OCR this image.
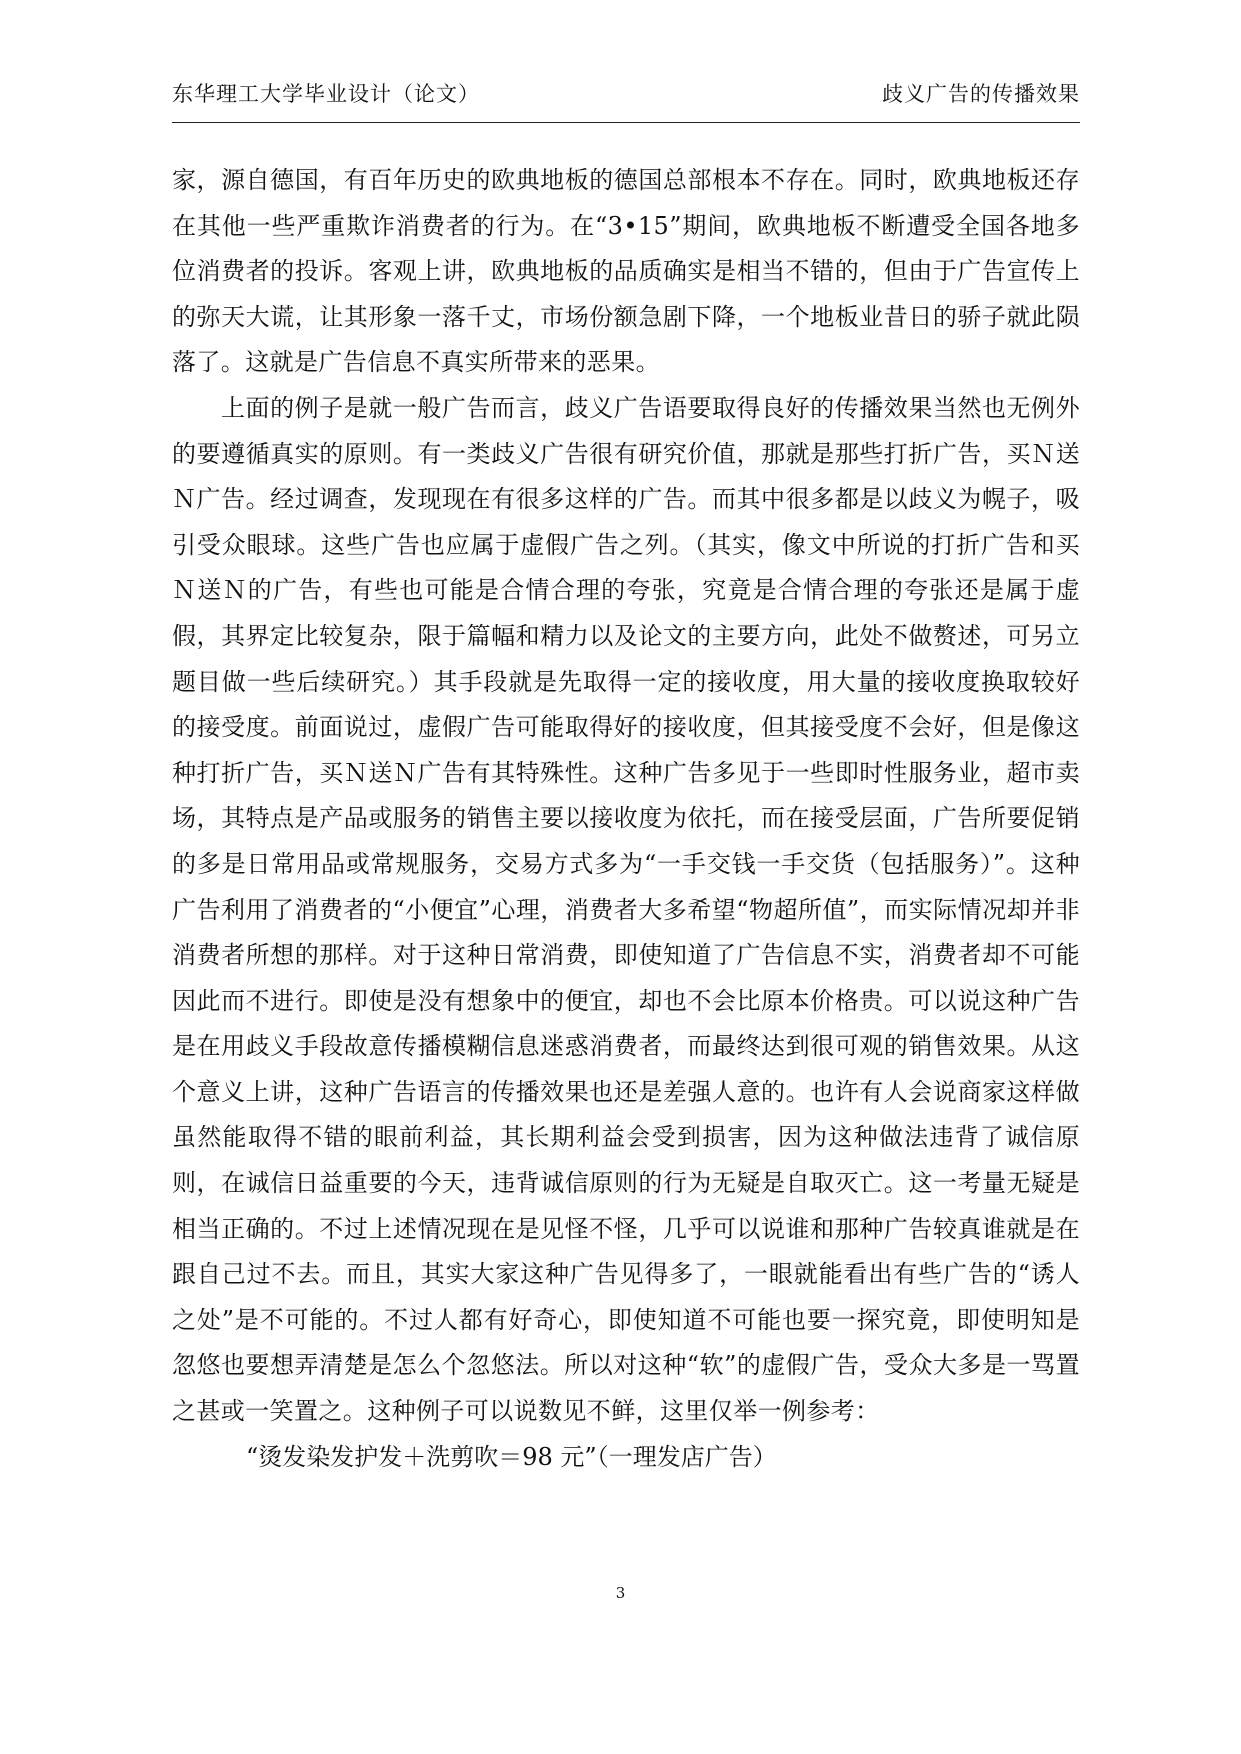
东华理工大学毕业设计（论文）	歧义广告的传播效果

家，源自德国，有百年历史的欧典地板的德国总部根本不存在。同时，欧典地板还存在其他一些严重欺诈消费者的行为。在“3•15”期间，欧典地板不断遭受全国各地多位消费者的投诉。客观上讲，欧典地板的品质确实是相当不错的，但由于广告宣传上的弥天大谎，让其形象一落千丈，市场份额急剧下降，一个地板业昔日的骄子就此陨落了。这就是广告信息不真实所带来的恶果。

上面的例子是就一般广告而言，歧义广告语要取得良好的传播效果当然也无例外的要遵循真实的原则。有一类歧义广告很有研究价值，那就是那些打折广告，买Ｎ送Ｎ广告。经过调查，发现现在有很多这样的广告。而其中很多都是以歧义为幌子，吸引受众眼球。这些广告也应属于虚假广告之列。（其实，像文中所说的打折广告和买Ｎ送Ｎ的广告，有些也可能是合情合理的夸张，究竟是合情合理的夸张还是属于虚假，其界定比较复杂，限于篇幅和精力以及论文的主要方向，此处不做赘述，可另立题目做一些后续研究。）其手段就是先取得一定的接收度，用大量的接收度换取较好的接受度。前面说过，虚假广告可能取得好的接收度，但其接受度不会好，但是像这种打折广告，买Ｎ送Ｎ广告有其特殊性。这种广告多见于一些即时性服务业，超市卖场，其特点是产品或服务的销售主要以接收度为依托，而在接受层面，广告所要促销的多是日常用品或常规服务，交易方式多为“一手交钱一手交货（包括服务）”。这种广告利用了消费者的“小便宜”心理，消费者大多希望“物超所值”，而实际情况却并非消费者所想的那样。对于这种日常消费，即使知道了广告信息不实，消费者却不可能因此而不进行。即使是没有想象中的便宜，却也不会比原本价格贵。可以说这种广告是在用歧义手段故意传播模糊信息迷惑消费者，而最终达到很可观的销售效果。从这个意义上讲，这种广告语言的传播效果也还是差强人意的。也许有人会说商家这样做虽然能取得不错的眼前利益，其长期利益会受到损害，因为这种做法违背了诚信原则，在诚信日益重要的今天，违背诚信原则的行为无疑是自取灭亡。这一考量无疑是相当正确的。不过上述情况现在是见怪不怪，几乎可以说谁和那种广告较真谁就是在跟自己过不去。而且，其实大家这种广告见得多了，一眼就能看出有些广告的“诱人之处”是不可能的。不过人都有好奇心，即使知道不可能也要一探究竟，即使明知是忽悠也要想弄清楚是怎么个忽悠法。所以对这种“软”的虚假广告，受众大多是一骂置之甚或一笑置之。这种例子可以说数见不鲜，这里仅举一例参考：

“烫发染发护发＋洗剪吹＝98 元”（一理发店广告）

3
